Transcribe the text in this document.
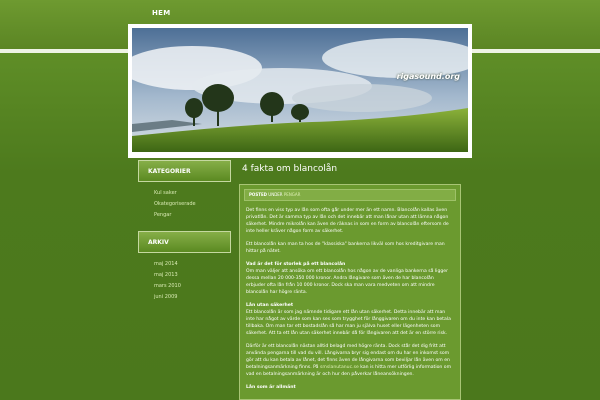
HEM
rigasound.org
KATEGORIER
Kul saker
Okategoriserade
Pengar
ARKIV
maj 2014
maj 2013
mars 2010
juni 2009
4 fakta om blancolån
POSTED UNDER PENGAR

Det finns en viss typ av lån som ofta går under mer än ett namn. Blancolån kallas även privatlån. Det är samma typ av lån och det innebär att man lånar utan att lämna någon säkerhet. Mindre mikrolån kan även de räknas in som en form av blancolån eftersom de inte heller kräver någon form av säkerhet.

Ett blancolån kan man ta hos de "klassiska" bankerna likväl som hos kreditgivare man hittar på nätet.

Vad är det för storlek på ett blancolån
Om man väljer att ansöka om ett blancolån hos någon av de vanliga bankerna så ligger dessa mellan 20 000-350 000 kronor. Andra långivare som även de har blancolån erbjuder ofta lån från 10 000 kronor. Dock ska man vara medveten om att mindre blancolån har högre ränta.

Lån utan säkerhet
Ett blancolån är som jag nämnde tidigare ett lån utan säkerhet. Detta innebär att man inte har något av värde som kan ses som trygghet för långgivaren om du inte kan betala tillbaka. Om man tar ett bostadslån så har man ju själva huset eller lägenheten som säkerhet. Att ta ett lån utan säkerhet innebär då för långivaren att det är en större risk.

Därför är ett blancolån nästan alltid belagd med högre ränta. Dock står det dig fritt att använda pengarna till vad du vill. Långivarna bryr sig endast om du har en inkomst som gör att du kan betala av lånet, det finns även de långivarna som beviljar lån även om en betalningsanmärkning finns. På smslanutanuc.se kan is hitta mer utförlig information om vad en betalningsanmärkning är och hur den påverkar låneansökningen.

Lån som är allmänt
